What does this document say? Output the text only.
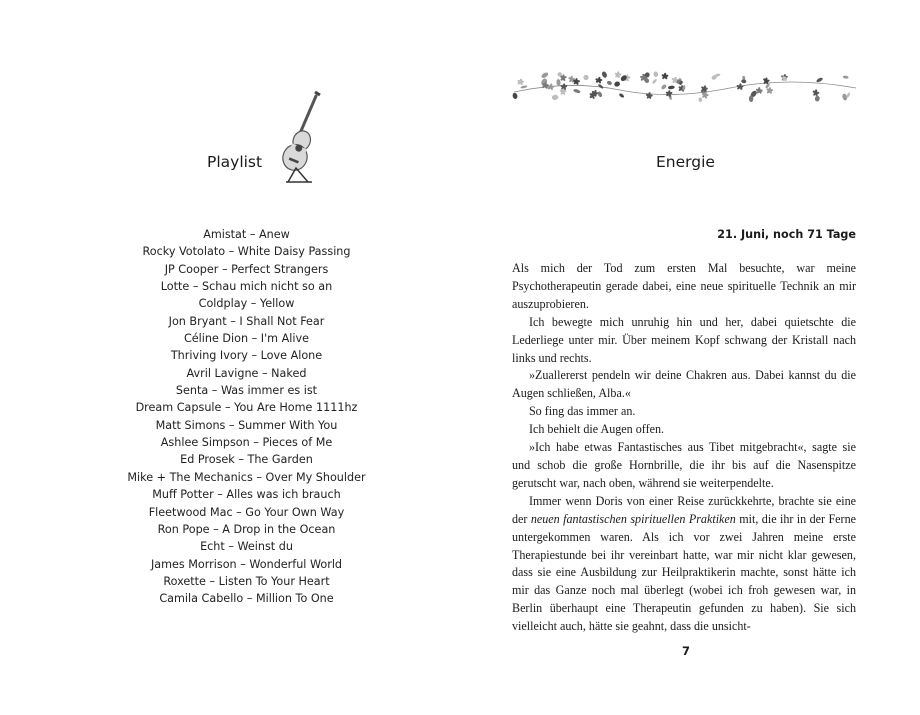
Playlist
Amistat – Anew
Rocky Votolato – White Daisy Passing
JP Cooper – Perfect Strangers
Lotte – Schau mich nicht so an
Coldplay – Yellow
Jon Bryant – I Shall Not Fear
Céline Dion – I'm Alive
Thriving Ivory – Love Alone
Avril Lavigne – Naked
Senta – Was immer es ist
Dream Capsule – You Are Home 1111hz
Matt Simons – Summer With You
Ashlee Simpson – Pieces of Me
Ed Prosek – The Garden
Mike + The Mechanics – Over My Shoulder
Muff Potter – Alles was ich brauch
Fleetwood Mac – Go Your Own Way
Ron Pope – A Drop in the Ocean
Echt – Weinst du
James Morrison – Wonderful World
Roxette – Listen To Your Heart
Camila Cabello – Million To One
Energie
21. Juni, noch 71 Tage

Als mich der Tod zum ersten Mal besuchte, war meine Psychotherapeutin gerade dabei, eine neue spirituelle Technik an mir auszuprobieren.

Ich bewegte mich unruhig hin und her, dabei quietschte die Lederliege unter mir. Über meinem Kopf schwang der Kristall nach links und rechts.

»Zuallererst pendeln wir deine Chakren aus. Dabei kannst du die Augen schließen, Alba.«

So fing das immer an.

Ich behielt die Augen offen.

»Ich habe etwas Fantastisches aus Tibet mitgebracht«, sagte sie und schob die große Hornbrille, die ihr bis auf die Nasenspitze gerutscht war, nach oben, während sie weiterpendelte.

Immer wenn Doris von einer Reise zurückkehrte, brachte sie eine der neuen fantastischen spirituellen Praktiken mit, die ihr in der Ferne untergekommen waren. Als ich vor zwei Jahren meine erste Therapiestunde bei ihr vereinbart hatte, war mir nicht klar gewesen, dass sie eine Ausbildung zur Heilpraktikerin machte, sonst hätte ich mir das Ganze noch mal überlegt (wobei ich froh gewesen war, in Berlin überhaupt eine Therapeutin gefunden zu haben). Sie sich vielleicht auch, hätte sie geahnt, dass die unsicht-

7
